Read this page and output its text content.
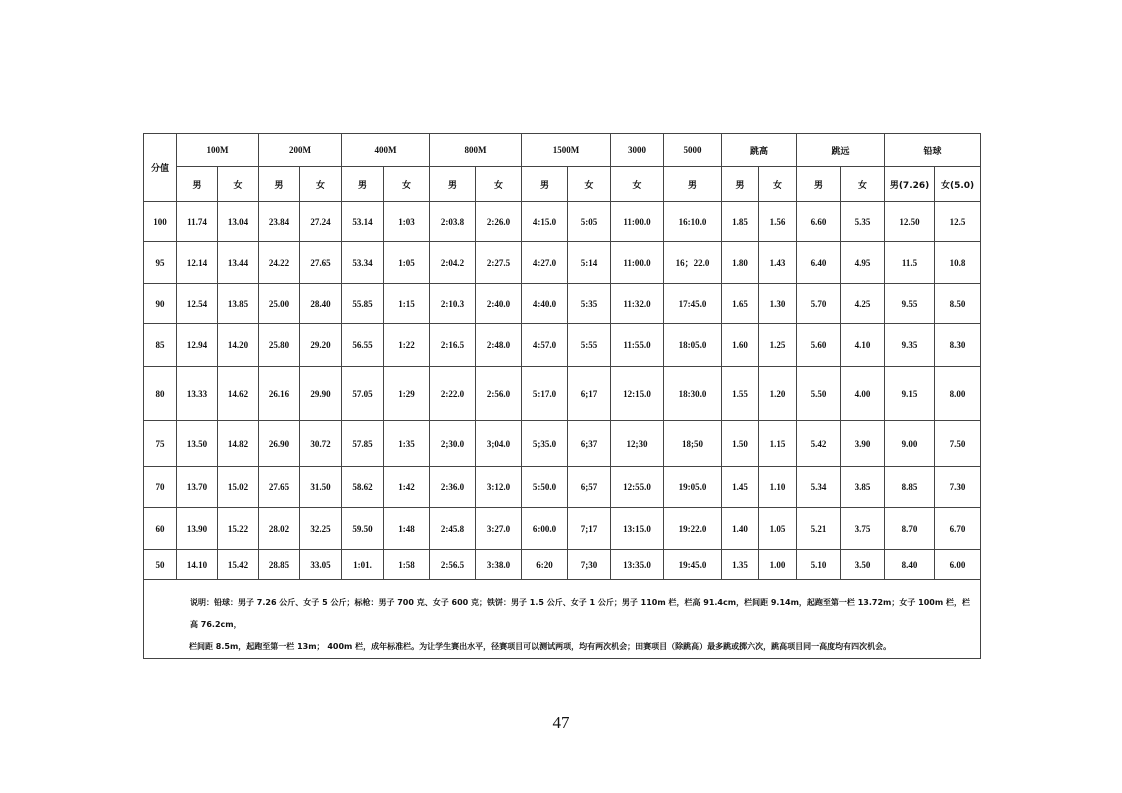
分值	100M		200M		400M		800M		1500M		3000	5000	跳高		跳远		铅球	
	男	女	男	女	男	女	男	女	男	女	女	男	男	女	男	女	男(7.26)	女(5.0)
100	11.74	13.04	23.84	27.24	53.14	1:03	2:03.8	2:26.0	4:15.0	5:05	11:00.0	16:10.0	1.85	1.56	6.60	5.35	12.50	12.5
95	12.14	13.44	24.22	27.65	53.34	1:05	2:04.2	2:27.5	4:27.0	5:14	11:00.0	16；22.0	1.80	1.43	6.40	4.95	11.5	10.8
90	12.54	13.85	25.00	28.40	55.85	1:15	2:10.3	2:40.0	4:40.0	5:35	11:32.0	17:45.0	1.65	1.30	5.70	4.25	9.55	8.50
85	12.94	14.20	25.80	29.20	56.55	1:22	2:16.5	2:48.0	4:57.0	5:55	11:55.0	18:05.0	1.60	1.25	5.60	4.10	9.35	8.30
80	13.33	14.62	26.16	29.90	57.05	1:29	2:22.0	2:56.0	5:17.0	6;17	12:15.0	18:30.0	1.55	1.20	5.50	4.00	9.15	8.00
75	13.50	14.82	26.90	30.72	57.85	1:35	2;30.0	3;04.0	5;35.0	6;37	12;30	18;50	1.50	1.15	5.42	3.90	9.00	7.50
70	13.70	15.02	27.65	31.50	58.62	1:42	2:36.0	3:12.0	5:50.0	6;57	12:55.0	19:05.0	1.45	1.10	5.34	3.85	8.85	7.30
60	13.90	15.22	28.02	32.25	59.50	1:48	2:45.8	3:27.0	6:00.0	7;17	13:15.0	19:22.0	1.40	1.05	5.21	3.75	8.70	6.70
50	14.10	15.42	28.85	33.05	1:01.	1:58	2:56.5	3:38.0	6:20	7;30	13:35.0	19:45.0	1.35	1.00	5.10	3.50	8.40	6.00

说明：铅球：男子 7.26 公斤、女子 5 公斤；标枪：男子 700 克、女子 600 克；铁饼：男子 1.5 公斤、女子 1 公斤；男子 110m 栏，栏高 91.4cm，栏间距 9.14m，起跑至第一栏 13.72m；女子 100m 栏，栏高 76.2cm，
栏间距 8.5m，起跑至第一栏 13m； 400m 栏，成年标准栏。为让学生赛出水平，径赛项目可以测试两项，均有两次机会；田赛项目（除跳高）最多跳或掷六次，跳高项目同一高度均有四次机会。																		
47
